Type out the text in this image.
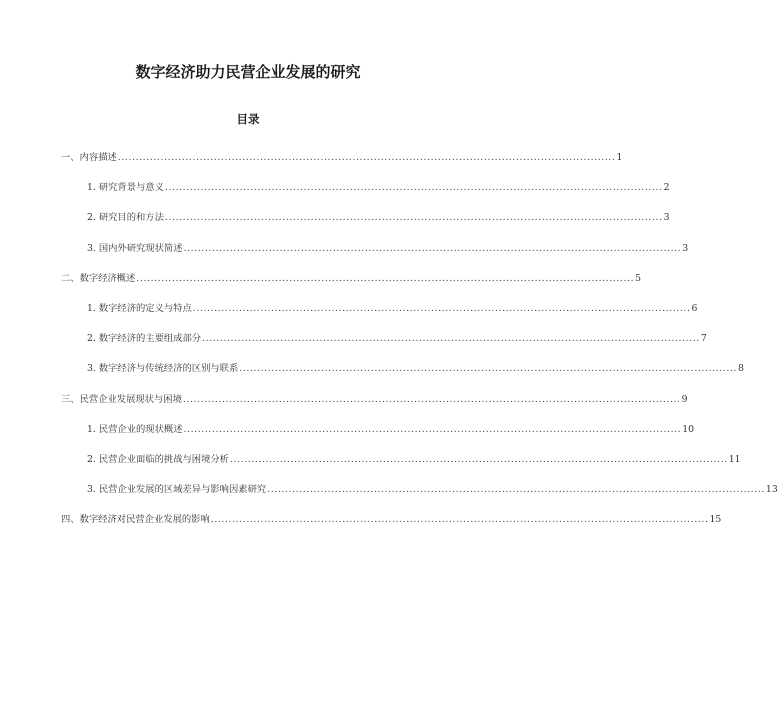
数字经济助力民营企业发展的研究
目录
一、内容描述 ............................................................................................................................................ 1
1. 研究背景与意义 ............................................................................................................................................ 2
2. 研究目的和方法 ............................................................................................................................................ 3
3. 国内外研究现状简述 ............................................................................................................................................ 3
二、数字经济概述 ............................................................................................................................................ 5
1. 数字经济的定义与特点 ............................................................................................................................................ 6
2. 数字经济的主要组成部分 ............................................................................................................................................ 7
3. 数字经济与传统经济的区别与联系 ............................................................................................................................................ 8
三、民营企业发展现状与困境 ............................................................................................................................................ 9
1. 民营企业的现状概述 ............................................................................................................................................ 10
2. 民营企业面临的挑战与困境分析 ............................................................................................................................................ 11
3. 民营企业发展的区域差异与影响因素研究 ............................................................................................................................................ 13
四、数字经济对民营企业发展的影响 ............................................................................................................................................ 15
